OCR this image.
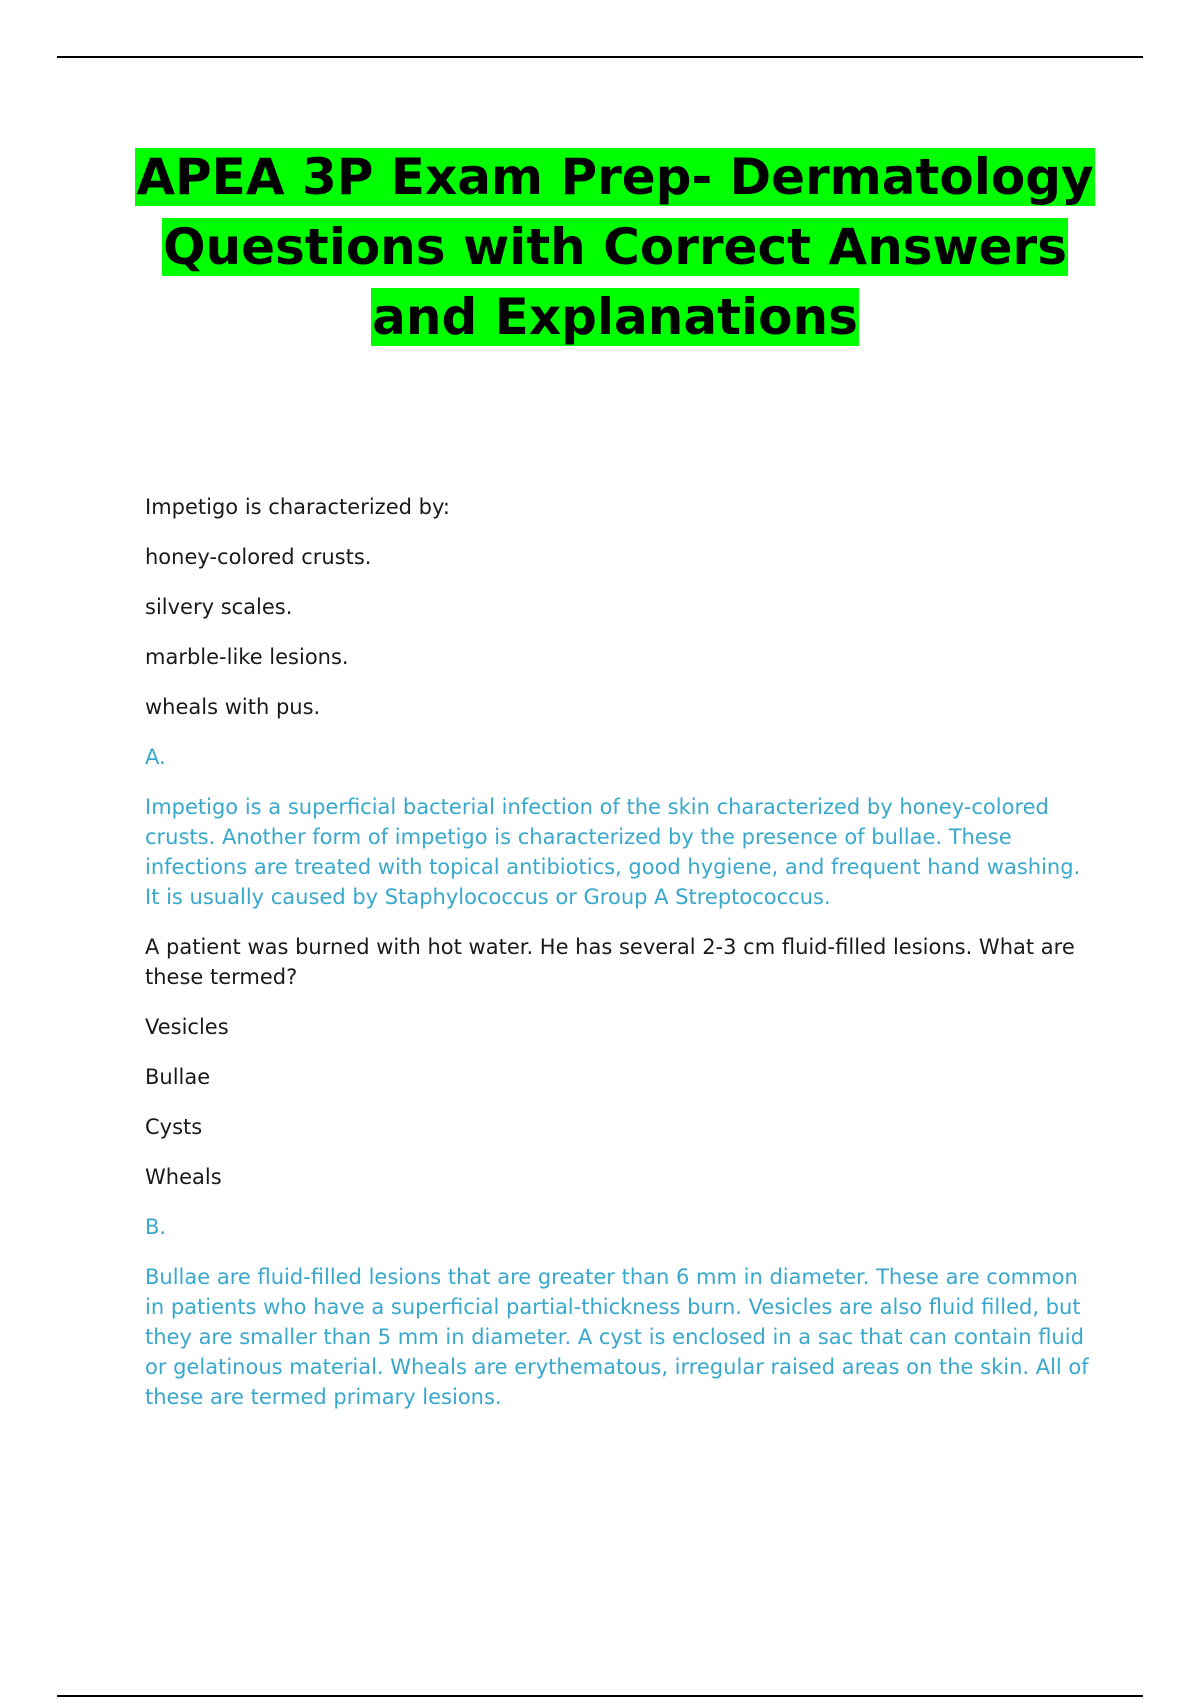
APEA 3P Exam Prep- Dermatology Questions with Correct Answers and Explanations

Impetigo is characterized by:

honey-colored crusts.

silvery scales.

marble-like lesions.

wheals with pus.

A.

Impetigo is a superficial bacterial infection of the skin characterized by honey-colored crusts. Another form of impetigo is characterized by the presence of bullae. These infections are treated with topical antibiotics, good hygiene, and frequent hand washing. It is usually caused by Staphylococcus or Group A Streptococcus.

A patient was burned with hot water. He has several 2-3 cm fluid-filled lesions. What are these termed?

Vesicles

Bullae

Cysts

Wheals

B.

Bullae are fluid-filled lesions that are greater than 6 mm in diameter. These are common in patients who have a superficial partial-thickness burn. Vesicles are also fluid filled, but they are smaller than 5 mm in diameter. A cyst is enclosed in a sac that can contain fluid or gelatinous material. Wheals are erythematous, irregular raised areas on the skin. All of these are termed primary lesions.
